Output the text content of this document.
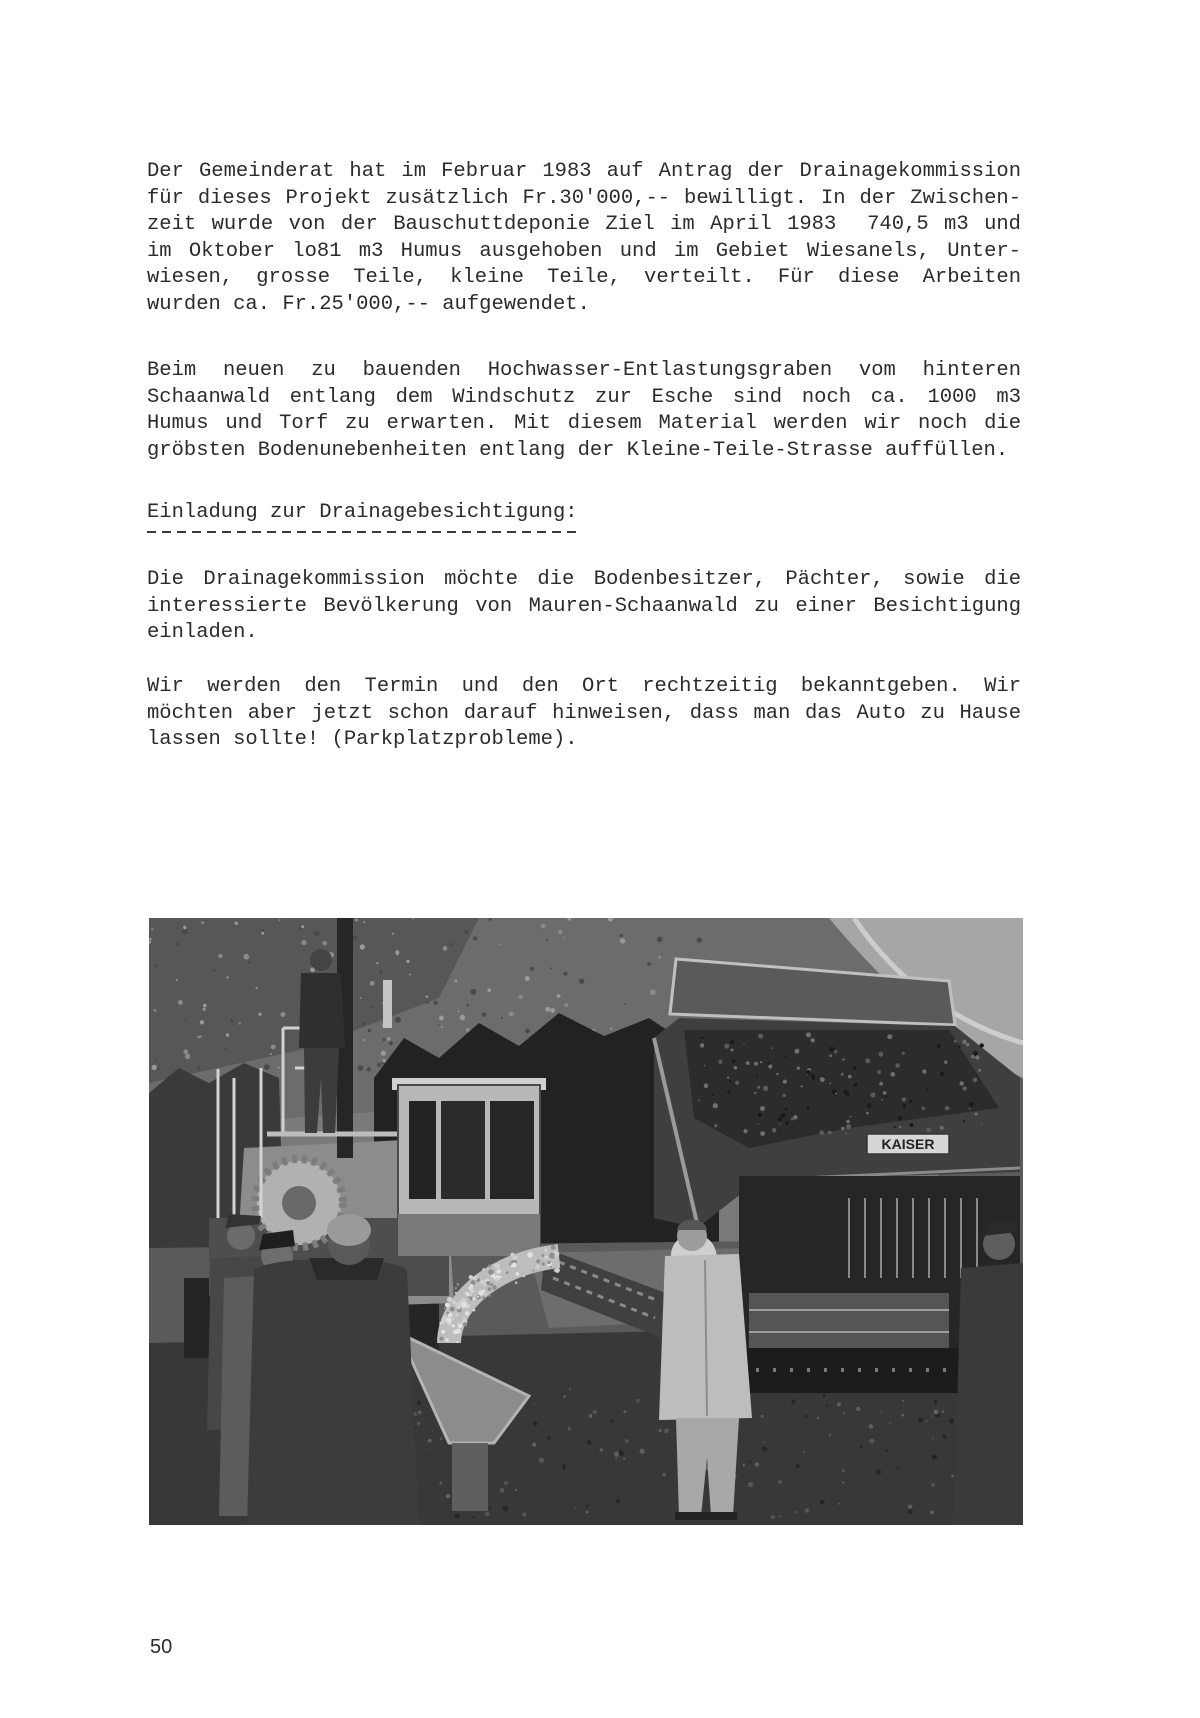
Der Gemeinderat hat im Februar 1983 auf Antrag der Drainagekommission
für dieses Projekt zusätzlich Fr.30'000,-- bewilligt. In der Zwischen-
zeit wurde von der Bauschuttdeponie Ziel im April 1983  740,5 m3 und
im Oktober lo81 m3 Humus ausgehoben und im Gebiet Wiesanels, Unter-
wiesen, grosse Teile, kleine Teile, verteilt. Für diese Arbeiten
wurden ca. Fr.25'000,-- aufgewendet.
Beim neuen zu bauenden Hochwasser-Entlastungsgraben vom hinteren
Schaanwald entlang dem Windschutz zur Esche sind noch ca. 1000 m3
Humus und Torf zu erwarten. Mit diesem Material werden wir noch die
gröbsten Bodenunebenheiten entlang der Kleine-Teile-Strasse auffüllen.
Einladung zur Drainagebesichtigung:
Die Drainagekommission möchte die Bodenbesitzer, Pächter, sowie die
interessierte Bevölkerung von Mauren-Schaanwald zu einer Besichtigung
einladen.
Wir werden den Termin und den Ort rechtzeitig bekanntgeben. Wir
möchten aber jetzt schon darauf hinweisen, dass man das Auto zu Hause
lassen sollte! (Parkplatzprobleme).
KAISER
50
